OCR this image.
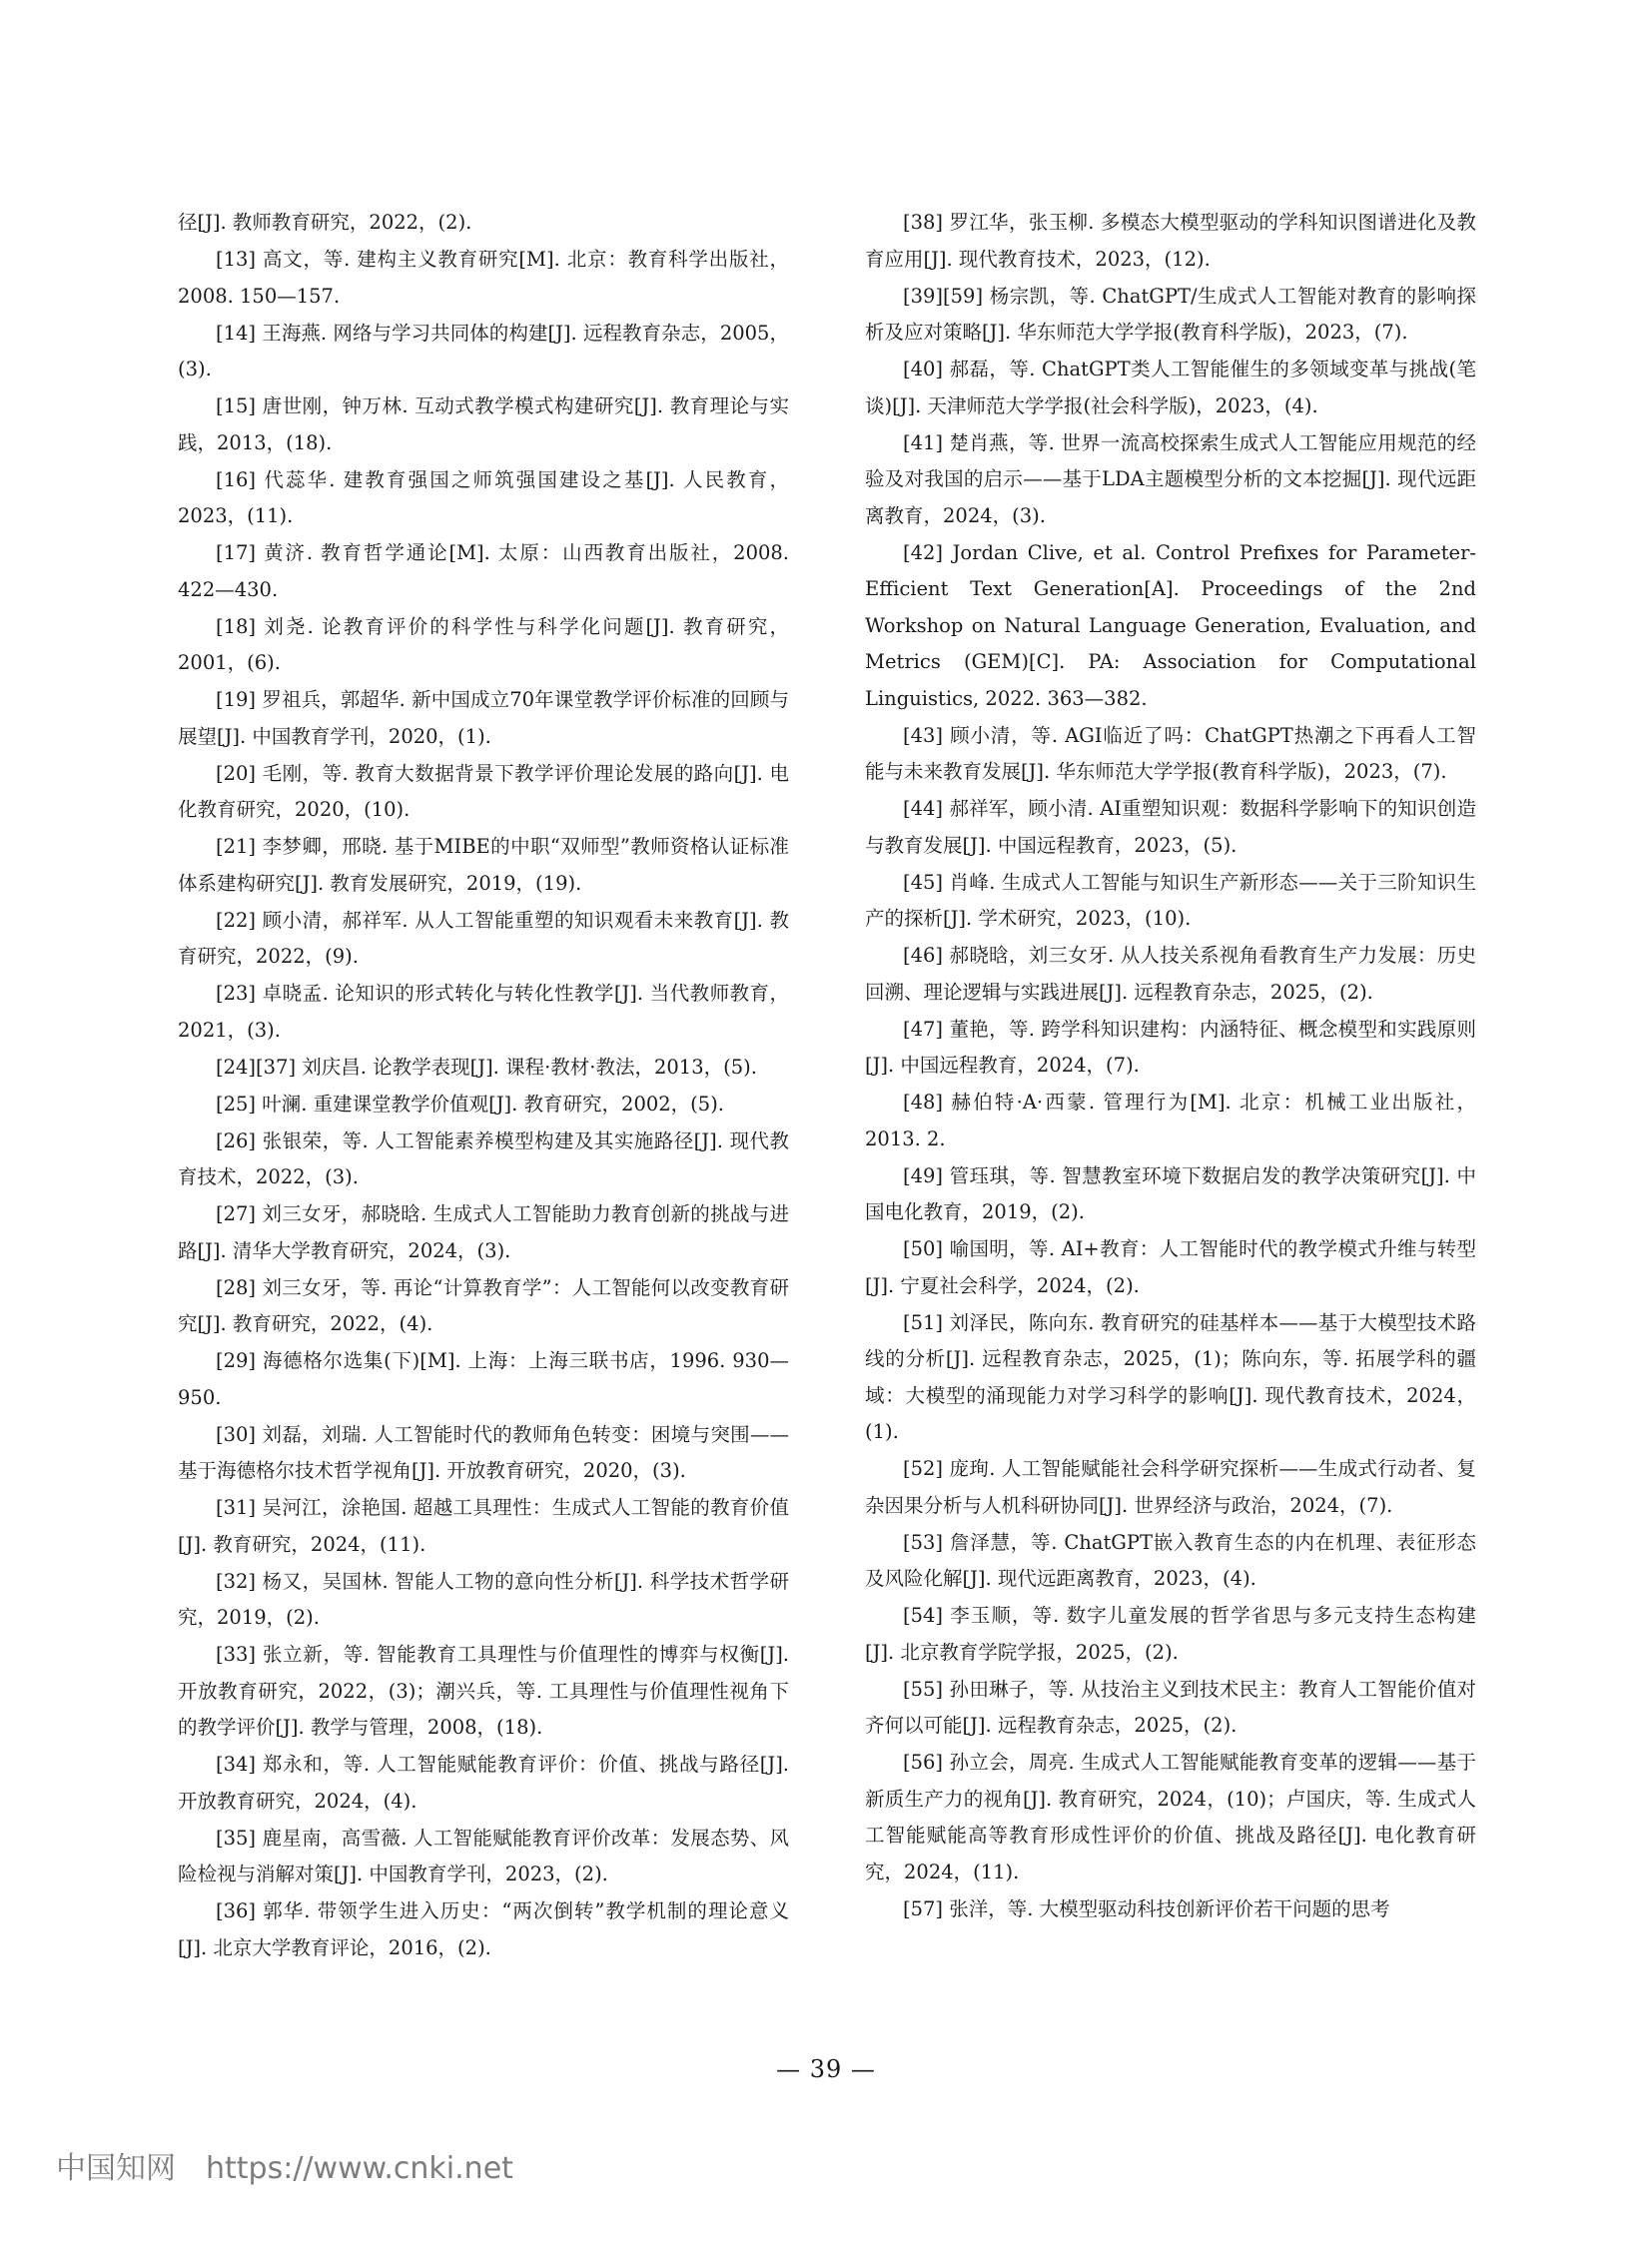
径[J]. 教师教育研究，2022，(2).

[13] 高文，等. 建构主义教育研究[M]. 北京：教育科学出版社，2008. 150—157.

[14] 王海燕. 网络与学习共同体的构建[J]. 远程教育杂志，2005，(3).

[15] 唐世刚，钟万林. 互动式教学模式构建研究[J]. 教育理论与实践，2013，(18).

[16] 代蕊华. 建教育强国之师筑强国建设之基[J]. 人民教育，2023，(11).

[17] 黄济. 教育哲学通论[M]. 太原：山西教育出版社，2008. 422—430.

[18] 刘尧. 论教育评价的科学性与科学化问题[J]. 教育研究，2001，(6).

[19] 罗祖兵，郭超华. 新中国成立70年课堂教学评价标准的回顾与展望[J]. 中国教育学刊，2020，(1).

[20] 毛刚，等. 教育大数据背景下教学评价理论发展的路向[J]. 电化教育研究，2020，(10).

[21] 李梦卿，邢晓. 基于MIBE的中职“双师型”教师资格认证标准体系建构研究[J]. 教育发展研究，2019，(19).

[22] 顾小清，郝祥军. 从人工智能重塑的知识观看未来教育[J]. 教育研究，2022，(9).

[23] 卓晓孟. 论知识的形式转化与转化性教学[J]. 当代教师教育，2021，(3).

[24][37] 刘庆昌. 论教学表现[J]. 课程·教材·教法，2013，(5).

[25] 叶澜. 重建课堂教学价值观[J]. 教育研究，2002，(5).

[26] 张银荣，等. 人工智能素养模型构建及其实施路径[J]. 现代教育技术，2022，(3).

[27] 刘三女牙，郝晓晗. 生成式人工智能助力教育创新的挑战与进路[J]. 清华大学教育研究，2024，(3).

[28] 刘三女牙，等. 再论“计算教育学”：人工智能何以改变教育研究[J]. 教育研究，2022，(4).

[29] 海德格尔选集(下)[M]. 上海：上海三联书店，1996. 930—950.

[30] 刘磊，刘瑞. 人工智能时代的教师角色转变：困境与突围——基于海德格尔技术哲学视角[J]. 开放教育研究，2020，(3).

[31] 吴河江，涂艳国. 超越工具理性：生成式人工智能的教育价值[J]. 教育研究，2024，(11).

[32] 杨又，吴国林. 智能人工物的意向性分析[J]. 科学技术哲学研究，2019，(2).

[33] 张立新，等. 智能教育工具理性与价值理性的博弈与权衡[J]. 开放教育研究，2022，(3)；潮兴兵，等. 工具理性与价值理性视角下的教学评价[J]. 教学与管理，2008，(18).

[34] 郑永和，等. 人工智能赋能教育评价：价值、挑战与路径[J]. 开放教育研究，2024，(4).

[35] 鹿星南，高雪薇. 人工智能赋能教育评价改革：发展态势、风险检视与消解对策[J]. 中国教育学刊，2023，(2).

[36] 郭华. 带领学生进入历史：“两次倒转”教学机制的理论意义[J]. 北京大学教育评论，2016，(2).

[38] 罗江华，张玉柳. 多模态大模型驱动的学科知识图谱进化及教育应用[J]. 现代教育技术，2023，(12).

[39][59] 杨宗凯，等. ChatGPT/生成式人工智能对教育的影响探析及应对策略[J]. 华东师范大学学报(教育科学版)，2023，(7).

[40] 郝磊，等. ChatGPT类人工智能催生的多领域变革与挑战(笔谈)[J]. 天津师范大学学报(社会科学版)，2023，(4).

[41] 楚肖燕，等. 世界一流高校探索生成式人工智能应用规范的经验及对我国的启示——基于LDA主题模型分析的文本挖掘[J]. 现代远距离教育，2024，(3).

[42] Jordan Clive, et al. Control Prefixes for Parameter-Efficient Text Generation[A]. Proceedings of the 2nd Workshop on Natural Language Generation, Evaluation, and Metrics (GEM)[C]. PA: Association for Computational Linguistics, 2022. 363—382.

[43] 顾小清，等. AGI临近了吗：ChatGPT热潮之下再看人工智能与未来教育发展[J]. 华东师范大学学报(教育科学版)，2023，(7).

[44] 郝祥军，顾小清. AI重塑知识观：数据科学影响下的知识创造与教育发展[J]. 中国远程教育，2023，(5).

[45] 肖峰. 生成式人工智能与知识生产新形态——关于三阶知识生产的探析[J]. 学术研究，2023，(10).

[46] 郝晓晗，刘三女牙. 从人技关系视角看教育生产力发展：历史回溯、理论逻辑与实践进展[J]. 远程教育杂志，2025，(2).

[47] 董艳，等. 跨学科知识建构：内涵特征、概念模型和实践原则[J]. 中国远程教育，2024，(7).

[48] 赫伯特·A·西蒙. 管理行为[M]. 北京：机械工业出版社，2013. 2.

[49] 管珏琪，等. 智慧教室环境下数据启发的教学决策研究[J]. 中国电化教育，2019，(2).

[50] 喻国明，等. AI+教育：人工智能时代的教学模式升维与转型[J]. 宁夏社会科学，2024，(2).

[51] 刘泽民，陈向东. 教育研究的硅基样本——基于大模型技术路线的分析[J]. 远程教育杂志，2025，(1)；陈向东，等. 拓展学科的疆域：大模型的涌现能力对学习科学的影响[J]. 现代教育技术，2024，(1).

[52] 庞珣. 人工智能赋能社会科学研究探析——生成式行动者、复杂因果分析与人机科研协同[J]. 世界经济与政治，2024，(7).

[53] 詹泽慧，等. ChatGPT嵌入教育生态的内在机理、表征形态及风险化解[J]. 现代远距离教育，2023，(4).

[54] 李玉顺，等. 数字儿童发展的哲学省思与多元支持生态构建[J]. 北京教育学院学报，2025，(2).

[55] 孙田琳子，等. 从技治主义到技术民主：教育人工智能价值对齐何以可能[J]. 远程教育杂志，2025，(2).

[56] 孙立会，周亮. 生成式人工智能赋能教育变革的逻辑——基于新质生产力的视角[J]. 教育研究，2024，(10)；卢国庆，等. 生成式人工智能赋能高等教育形成性评价的价值、挑战及路径[J]. 电化教育研究，2024，(11).

[57] 张洋，等. 大模型驱动科技创新评价若干问题的思考

— 39 —
中国知网 https://www.cnki.net
